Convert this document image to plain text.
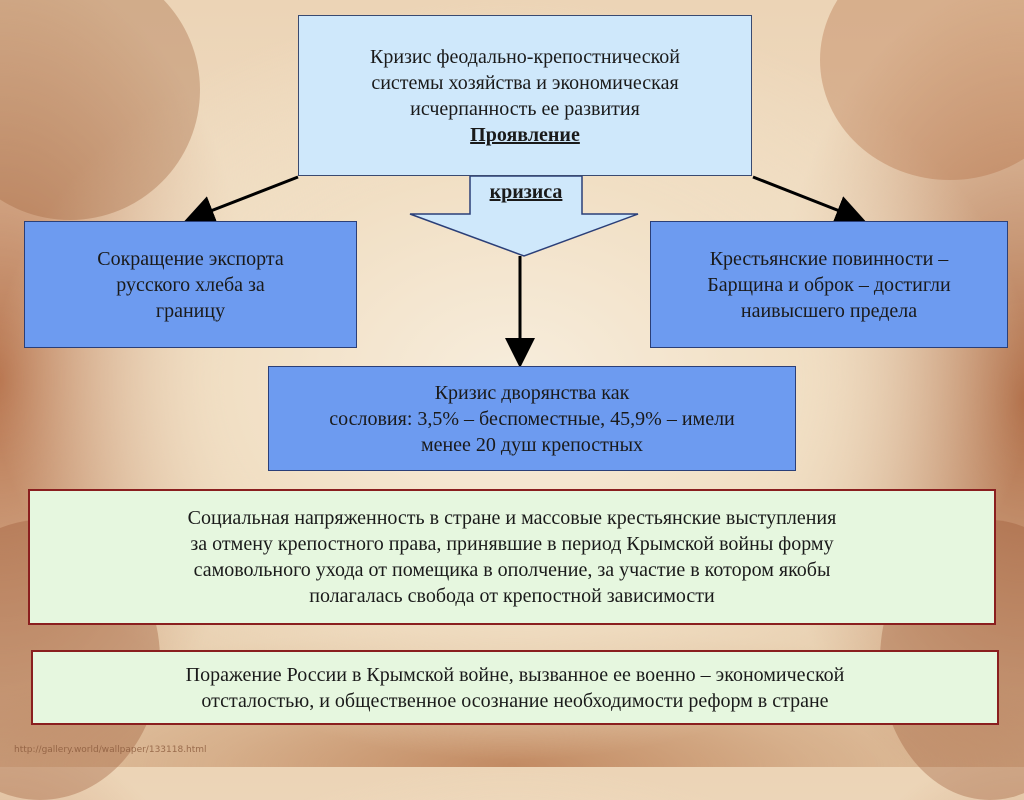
Кризис феодально-крепостнической
системы хозяйства и экономическая
исчерпанность ее развития
Проявление
кризиса
Сокращение экспорта
русского хлеба за
границу
Крестьянские повинности –
Барщина и оброк – достигли
наивысшего предела
Кризис дворянства как
сословия: 3,5% – беспоместные, 45,9% – имели
менее 20 душ крепостных
Социальная напряженность в стране и массовые крестьянские выступления
за отмену крепостного права, принявшие в период Крымской войны форму
самовольного ухода от помещика в ополчение, за участие в котором якобы
полагалась свобода от крепостной зависимости
Поражение России в Крымской войне, вызванное ее военно – экономической
отсталостью, и общественное осознание необходимости реформ в стране
http://gallery.world/wallpaper/133118.html
